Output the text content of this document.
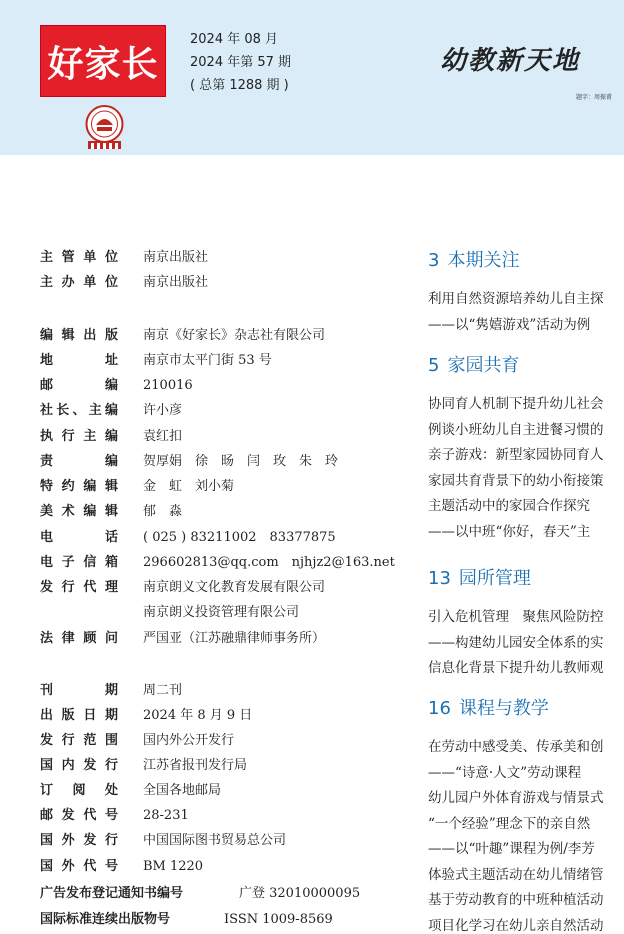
好家长
2024 年 08 月
2024 年第 57 期
( 总第 1288 期 )
幼教新天地
题字：周振甫
主管单位 南京出版社
主办单位 南京出版社
编辑出版 南京《好家长》杂志社有限公司
地址 南京市太平门街 53 号
邮编 210016
社长、主编 许小彦
执行主编 袁红扣
责编 贺厚娟　徐　旸　闫　玫　朱　玲
特约编辑 金　虹　刘小菊
美术编辑 郁　淼
电话 ( 025 ) 83211002　83377875
电子信箱 296602813@qq.com　njhjz2@163.net
发行代理 南京朗义文化教育发展有限公司
南京朗义投资管理有限公司
法律顾问 严国亚（江苏融鼎律师事务所）
刊期 周二刊
出版日期 2024 年 8 月 9 日
发行范围 国内外公开发行
国内发行 江苏省报刊发行局
订阅处 全国各地邮局
邮发代号 28-231
国外发行 中国国际图书贸易总公司
国外代号 BM 1220
广告发布登记通知书编号	广登 32010000095
国际标准连续出版物号	ISSN 1009-8569
3 本期关注
利用自然资源培养幼儿自主探
——以“隽嬉游戏”活动为例
5 家园共育
协同育人机制下提升幼儿社会
例谈小班幼儿自主进餐习惯的
亲子游戏：新型家园协同育人
家园共育背景下的幼小衔接策
主题活动中的家园合作探究
——以中班“你好，春天”主
13 园所管理
引入危机管理　聚焦风险防控
——构建幼儿园安全体系的实
信息化背景下提升幼儿教师观
16 课程与教学
在劳动中感受美、传承美和创
——“诗意·人文”劳动课程
幼儿园户外体育游戏与情景式
“一个经验”理念下的亲自然
——以“叶趣”课程为例/李芳
体验式主题活动在幼儿情绪管
基于劳动教育的中班种植活动
项目化学习在幼儿亲自然活动
